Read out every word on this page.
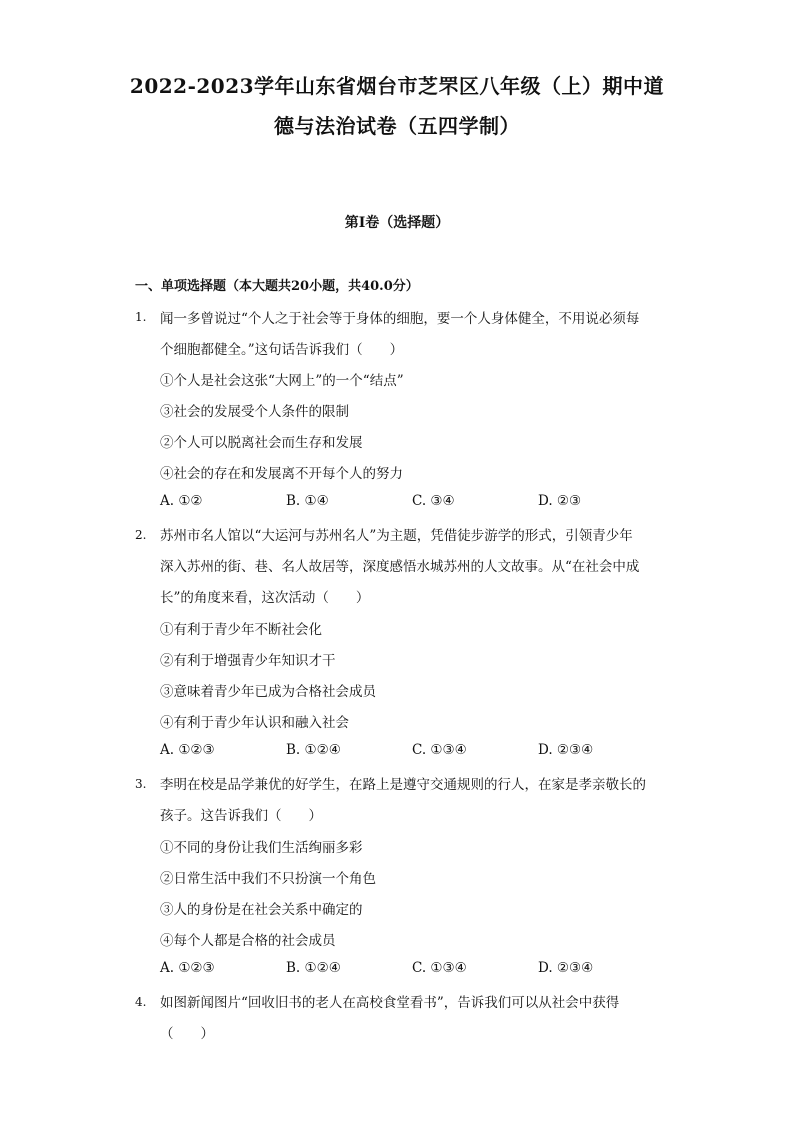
2022-2023学年山东省烟台市芝罘区八年级（上）期中道
德与法治试卷（五四学制）
第I卷（选择题）
一、单项选择题（本大题共20小题，共40.0分）
1. 闻一多曾说过“个人之于社会等于身体的细胞，要一个人身体健全，不用说必须每
个细胞都健全。”这句话告诉我们（　　）
①个人是社会这张“大网上”的一个“结点”
③社会的发展受个人条件的限制
②个人可以脱离社会而生存和发展
④社会的存在和发展离不开每个人的努力
A. ①②	B. ①④	C. ③④	D. ②③
2. 苏州市名人馆以“大运河与苏州名人”为主题，凭借徒步游学的形式，引领青少年
深入苏州的街、巷、名人故居等，深度感悟水城苏州的人文故事。从“在社会中成
长”的角度来看，这次活动（　　）
①有利于青少年不断社会化
②有利于增强青少年知识才干
③意味着青少年已成为合格社会成员
④有利于青少年认识和融入社会
A. ①②③	B. ①②④	C. ①③④	D. ②③④
3. 李明在校是品学兼优的好学生，在路上是遵守交通规则的行人，在家是孝亲敬长的
孩子。这告诉我们（　　）
①不同的身份让我们生活绚丽多彩
②日常生活中我们不只扮演一个角色
③人的身份是在社会关系中确定的
④每个人都是合格的社会成员
A. ①②③	B. ①②④	C. ①③④	D. ②③④
4. 如图新闻图片“回收旧书的老人在高校食堂看书”，告诉我们可以从社会中获得
（　　）
